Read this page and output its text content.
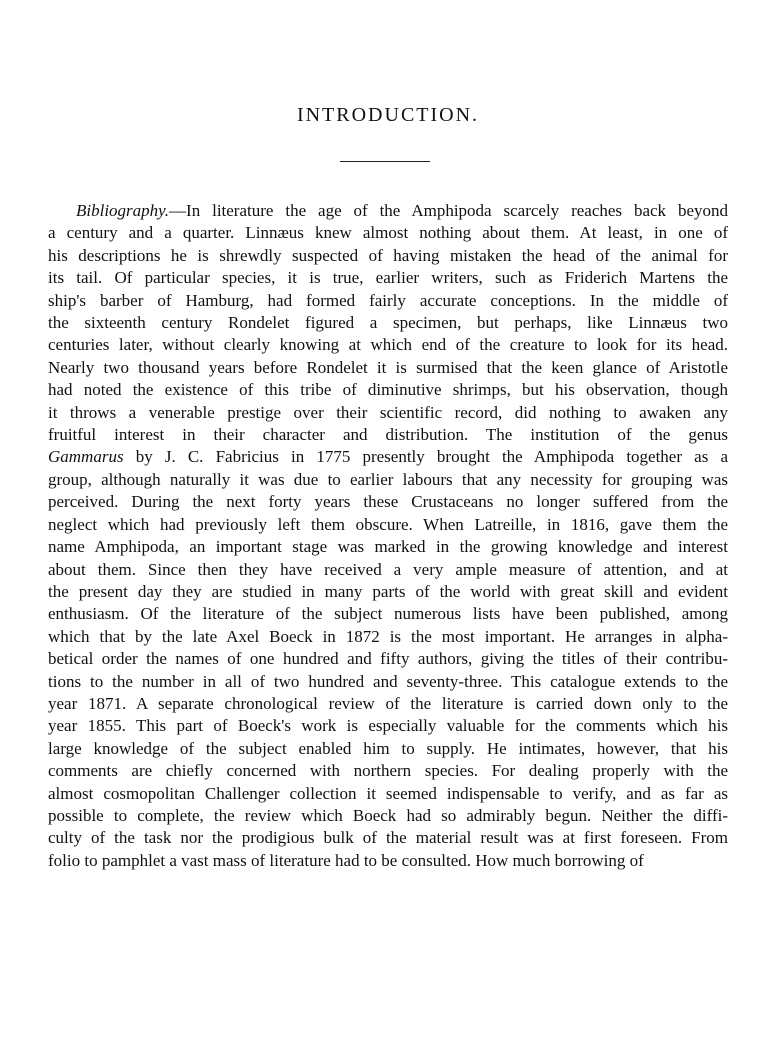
INTRODUCTION.
Bibliography.—In literature the age of the Amphipoda scarcely reaches back beyond
a century and a quarter. Linnæus knew almost nothing about them. At least, in one of
his descriptions he is shrewdly suspected of having mistaken the head of the animal for
its tail. Of particular species, it is true, earlier writers, such as Friderich Martens the
ship's barber of Hamburg, had formed fairly accurate conceptions. In the middle of
the sixteenth century Rondelet figured a specimen, but perhaps, like Linnæus two
centuries later, without clearly knowing at which end of the creature to look for its head.
Nearly two thousand years before Rondelet it is surmised that the keen glance of Aristotle
had noted the existence of this tribe of diminutive shrimps, but his observation, though
it throws a venerable prestige over their scientific record, did nothing to awaken any
fruitful interest in their character and distribution. The institution of the genus
Gammarus by J. C. Fabricius in 1775 presently brought the Amphipoda together as a
group, although naturally it was due to earlier labours that any necessity for grouping was
perceived. During the next forty years these Crustaceans no longer suffered from the
neglect which had previously left them obscure. When Latreille, in 1816, gave them the
name Amphipoda, an important stage was marked in the growing knowledge and interest
about them. Since then they have received a very ample measure of attention, and at
the present day they are studied in many parts of the world with great skill and evident
enthusiasm. Of the literature of the subject numerous lists have been published, among
which that by the late Axel Boeck in 1872 is the most important. He arranges in alpha-
betical order the names of one hundred and fifty authors, giving the titles of their contribu-
tions to the number in all of two hundred and seventy-three. This catalogue extends to the
year 1871. A separate chronological review of the literature is carried down only to the
year 1855. This part of Boeck's work is especially valuable for the comments which his
large knowledge of the subject enabled him to supply. He intimates, however, that his
comments are chiefly concerned with northern species. For dealing properly with the
almost cosmopolitan Challenger collection it seemed indispensable to verify, and as far as
possible to complete, the review which Boeck had so admirably begun. Neither the diffi-
culty of the task nor the prodigious bulk of the material result was at first foreseen. From
folio to pamphlet a vast mass of literature had to be consulted. How much borrowing of
